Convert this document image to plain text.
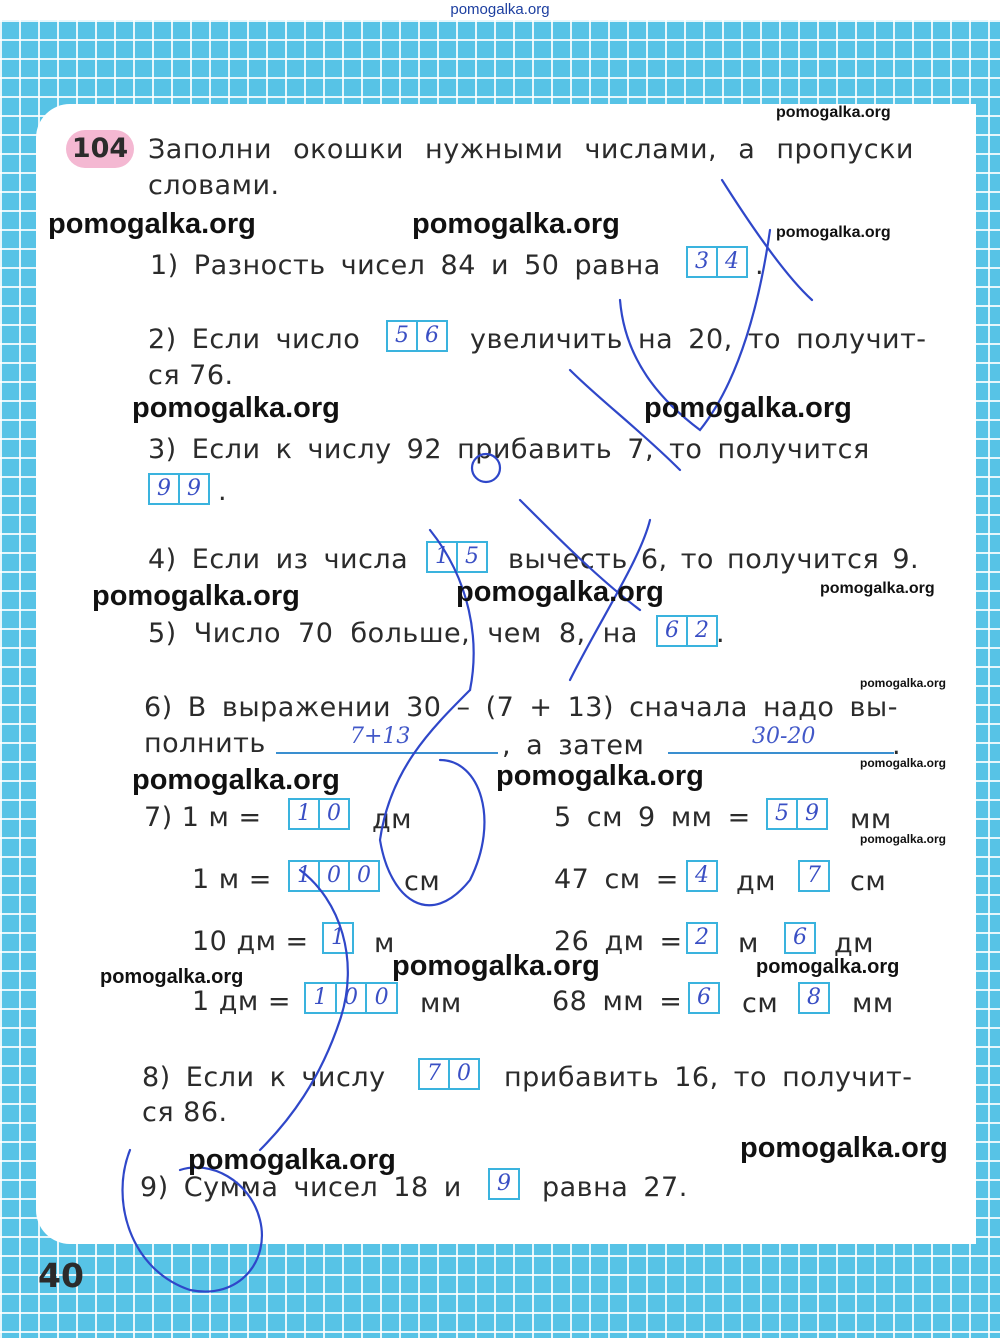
pomogalka.org
104 Заполни окошки нужными числами, а пропуски
словами.
1) Разность чисел 84 и 50 равна	3 4 .
2) Если число	5 6 увеличить на 20, то получит-
ся 76.
3) Если к числу 92 прибавить 7, то получится
9 9 .
4) Если из числа	1 5 вычесть 6, то получится 9.
5) Число 70 больше, чем 8, на	6 2 .
6) В выражении 30 – (7 + 13) сначала надо вы-
полнить	7+13	, а затем	30-20	.
7) 1 м =	1 0 дм	5 см 9 мм =	5 9 мм
1 м =	1 0 0 см	47 см = 4 дм	7 см
10 дм =	1 м	26 дм = 2 м	6 дм
1 дм =	1 0 0 мм	68 мм = 6 см	8 мм
8) Если к числу	7 0 прибавить 16, то получит-
ся 86.
9) Сумма чисел 18 и	9 равна 27.
40
pomogalka.org
pomogalka.org	pomogalka.org	pomogalka.org
pomogalka.org	pomogalka.org
pomogalka.org	pomogalka.org	pomogalka.org
pomogalka.org
pomogalka.org
pomogalka.org	pomogalka.org
pomogalka.org
pomogalka.org	pomogalka.org	pomogalka.org
pomogalka.org
pomogalka.org
